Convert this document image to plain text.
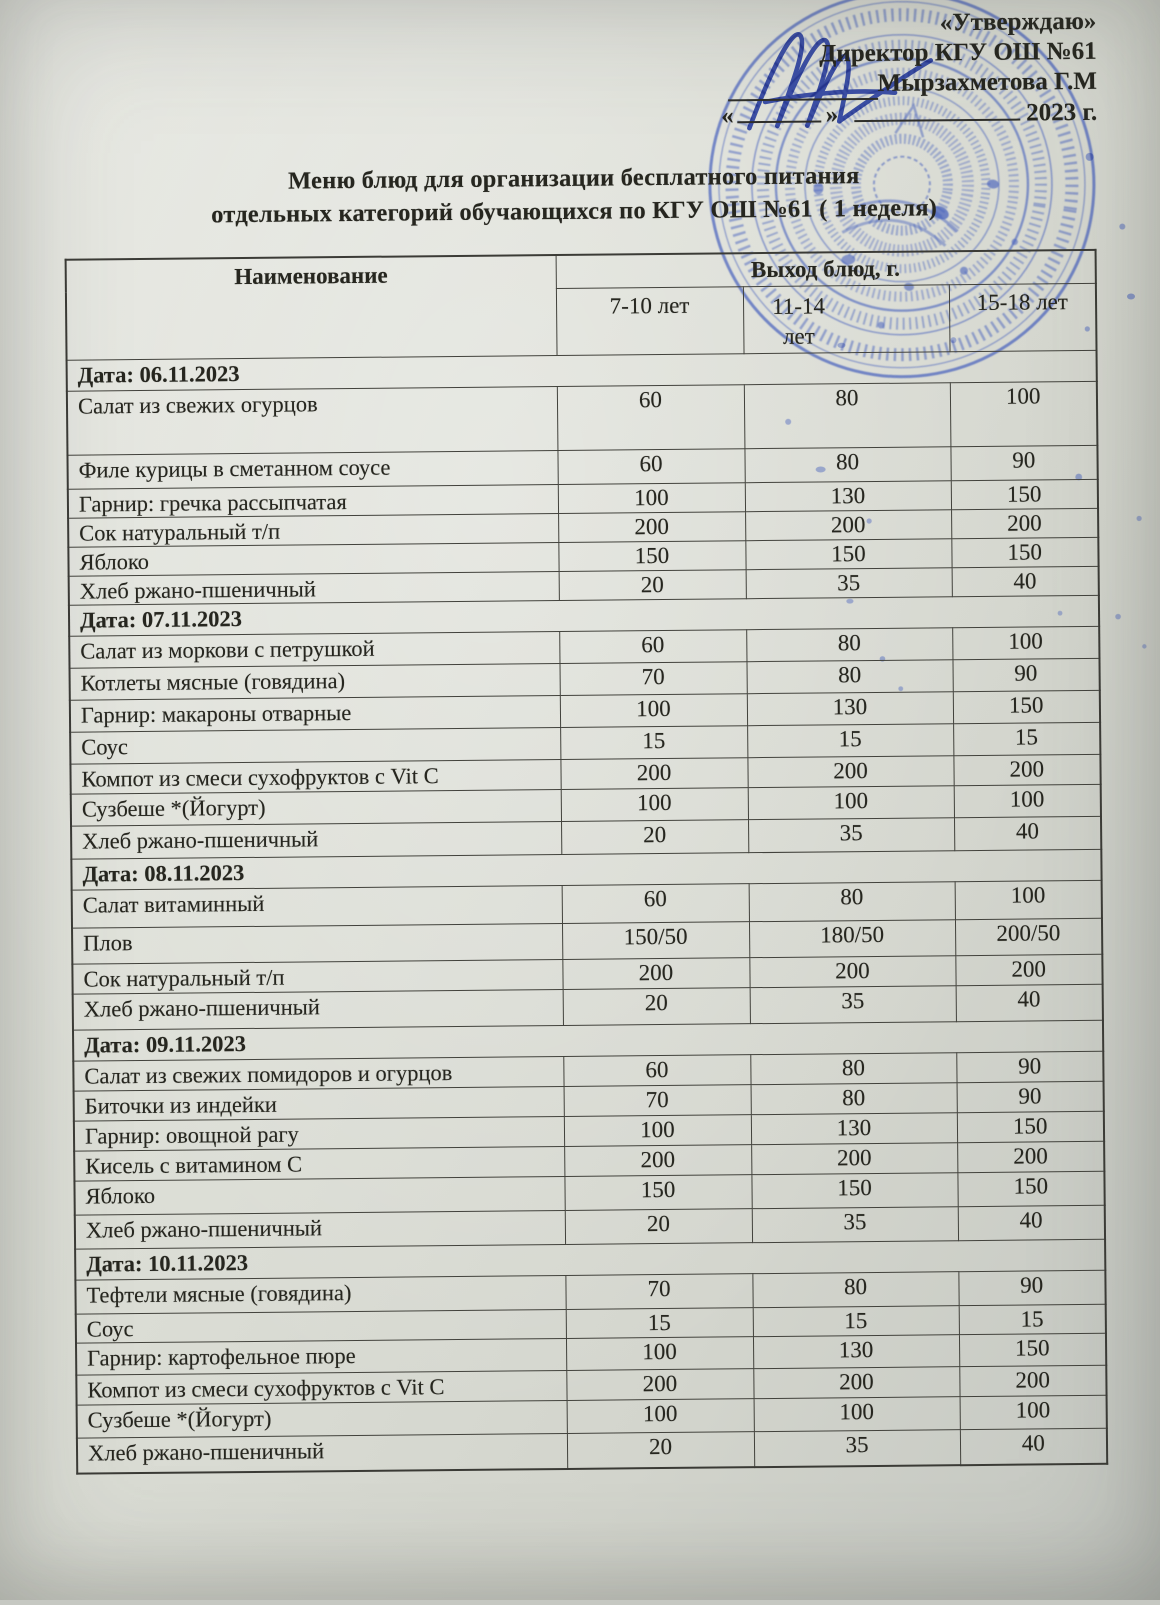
«Утверждаю»
Директор КГУ ОШ №61
Мырзахметова Г.М
«	»	2023 г.
Меню блюд для организации бесплатного питания
отдельных категорий обучающихся по КГУ ОШ №61 ( 1 неделя)
Наименование	Выход блюд, г.		
	7-10 лет	11-14 лет	15-18 лет
Дата: 06.11.2023			
Салат из свежих огурцов	60	80	100
Филе курицы в сметанном соусе	60	80	90
Гарнир: гречка рассыпчатая	100	130	150
Сок натуральный т/п	200	200	200
Яблоко	150	150	150
Хлеб ржано-пшеничный	20	35	40
Дата: 07.11.2023			
Салат из моркови с петрушкой	60	80	100
Котлеты мясные (говядина)	70	80	90
Гарнир: макароны отварные	100	130	150
Соус	15	15	15
Компот из смеси сухофруктов с Vit C	200	200	200
Сузбеше *(Йогурт)	100	100	100
Хлеб ржано-пшеничный	20	35	40
Дата: 08.11.2023			
Салат витаминный	60	80	100
Плов	150/50	180/50	200/50
Сок натуральный т/п	200	200	200
Хлеб ржано-пшеничный	20	35	40
Дата: 09.11.2023			
Салат из свежих помидоров и огурцов	60	80	90
Биточки из индейки	70	80	90
Гарнир: овощной рагу	100	130	150
Кисель с витамином С	200	200	200
Яблоко	150	150	150
Хлеб ржано-пшеничный	20	35	40
Дата: 10.11.2023			
Тефтели мясные (говядина)	70	80	90
Соус	15	15	15
Гарнир: картофельное пюре	100	130	150
Компот из смеси сухофруктов с Vit C	200	200	200
Сузбеше *(Йогурт)	100	100	100
Хлеб ржано-пшеничный	20	35	40
